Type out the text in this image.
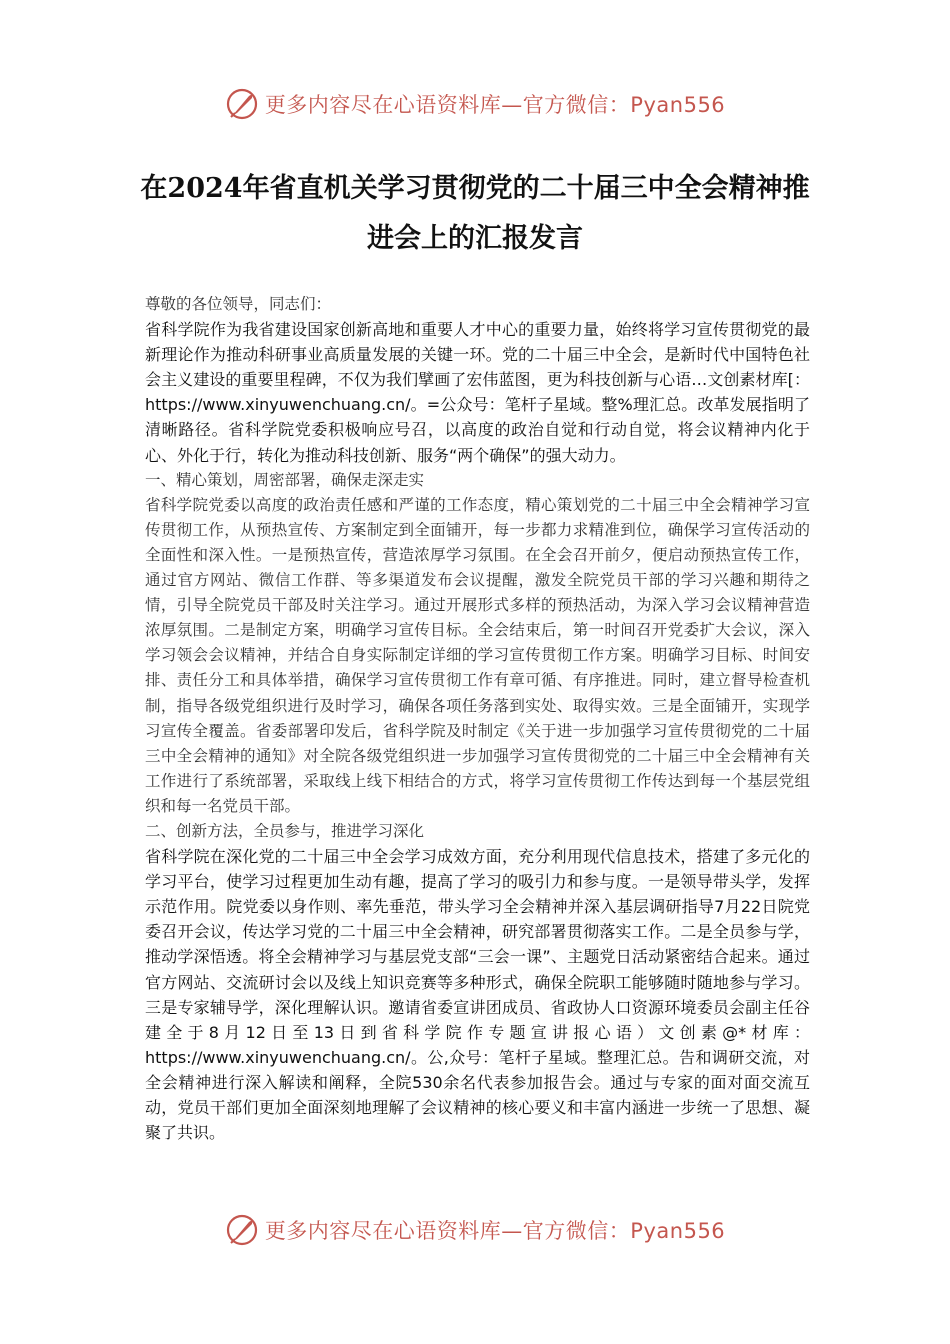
更多内容尽在心语资料库—官方微信：Pyan556
在2024年省直机关学习贯彻党的二十届三中全会精神推进会上的汇报发言

尊敬的各位领导，同志们：

省科学院作为我省建设国家创新高地和重要人才中心的重要力量，始终将学习宣传贯彻党的最新理论作为推动科研事业高质量发展的关键一环。党的二十届三中全会，是新时代中国特色社会主义建设的重要里程碑，不仅为我们擘画了宏伟蓝图，更为科技创新与心语…文创素材库[：https://www.xinyuwenchuang.cn/。=公众号：笔杆子星域。整%理汇总。改革发展指明了清晰路径。省科学院党委积极响应号召，以高度的政治自觉和行动自觉，将会议精神内化于心、外化于行，转化为推动科技创新、服务“两个确保”的强大动力。

一、精心策划，周密部署，确保走深走实

省科学院党委以高度的政治责任感和严谨的工作态度，精心策划党的二十届三中全会精神学习宣传贯彻工作，从预热宣传、方案制定到全面铺开，每一步都力求精准到位，确保学习宣传活动的全面性和深入性。一是预热宣传，营造浓厚学习氛围。在全会召开前夕，便启动预热宣传工作，通过官方网站、微信工作群、等多渠道发布会议提醒，激发全院党员干部的学习兴趣和期待之情，引导全院党员干部及时关注学习。通过开展形式多样的预热活动，为深入学习会议精神营造浓厚氛围。二是制定方案，明确学习宣传目标。全会结束后，第一时间召开党委扩大会议，深入学习领会会议精神，并结合自身实际制定详细的学习宣传贯彻工作方案。明确学习目标、时间安排、责任分工和具体举措，确保学习宣传贯彻工作有章可循、有序推进。同时，建立督导检查机制，指导各级党组织进行及时学习，确保各项任务落到实处、取得实效。三是全面铺开，实现学习宣传全覆盖。省委部署印发后，省科学院及时制定《关于进一步加强学习宣传贯彻党的二十届三中全会精神的通知》对全院各级党组织进一步加强学习宣传贯彻党的二十届三中全会精神有关工作进行了系统部署，采取线上线下相结合的方式，将学习宣传贯彻工作传达到每一个基层党组织和每一名党员干部。

二、创新方法，全员参与，推进学习深化

省科学院在深化党的二十届三中全会学习成效方面，充分利用现代信息技术，搭建了多元化的学习平台，使学习过程更加生动有趣，提高了学习的吸引力和参与度。一是领导带头学，发挥示范作用。院党委以身作则、率先垂范，带头学习全会精神并深入基层调研指导7月22日院党委召开会议，传达学习党的二十届三中全会精神，研究部署贯彻落实工作。二是全员参与学，推动学深悟透。将全会精神学习与基层党支部“三会一课”、主题党日活动紧密结合起来。通过官方网站、交流研讨会以及线上知识竞赛等多种形式，确保全院职工能够随时随地参与学习。三是专家辅导学，深化理解认识。邀请省委宣讲团成员、省政协人口资源环境委员会副主任谷建全于8月12日至13日到省科学院作专题宣讲报心语）文创素@*材库：https://www.xinyuwenchuang.cn/。公,众号：笔杆子星域。整理汇总。告和调研交流，对全会精神进行深入解读和阐释，全院530余名代表参加报告会。通过与专家的面对面交流互动，党员干部们更加全面深刻地理解了会议精神的核心要义和丰富内涵进一步统一了思想、凝聚了共识。

更多内容尽在心语资料库—官方微信：Pyan556
